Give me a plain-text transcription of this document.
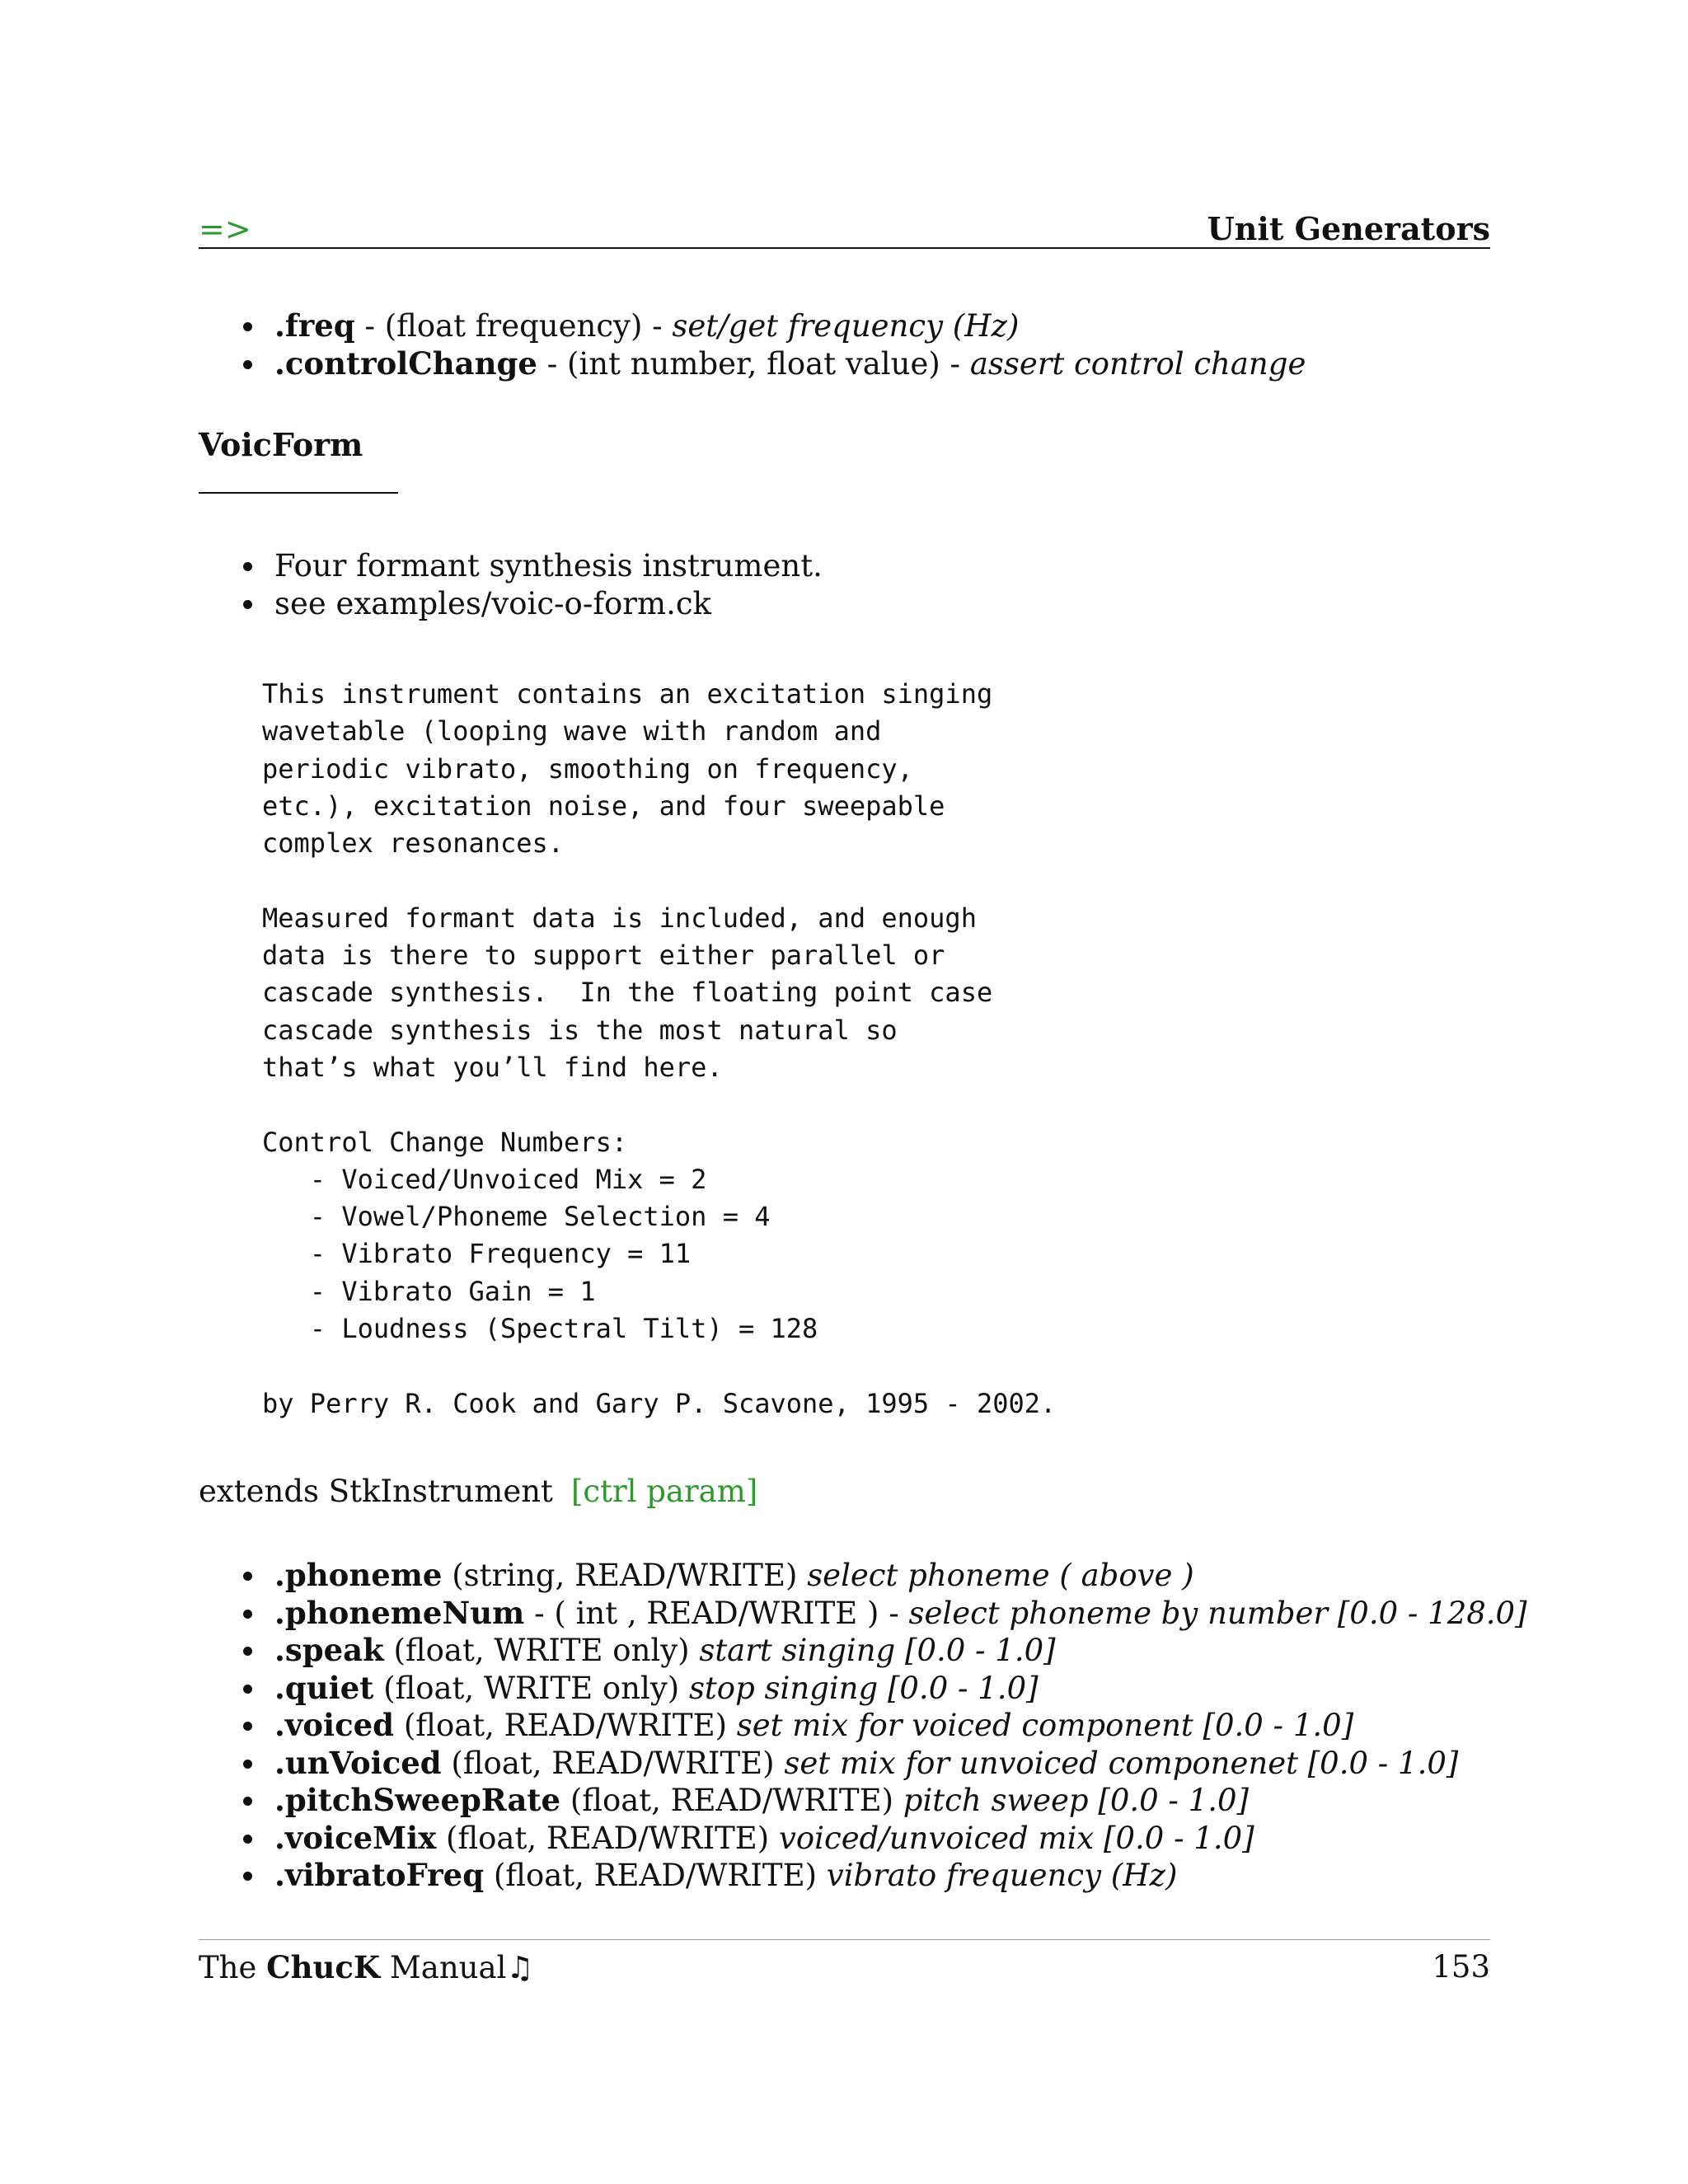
=>	Unit Generators
.freq - (float frequency) - set/get frequency (Hz)
.controlChange - (int number, float value) - assert control change
VoicForm
Four formant synthesis instrument.
see examples/voic-o-form.ck
This instrument contains an excitation singing
wavetable (looping wave with random and
periodic vibrato, smoothing on frequency,
etc.), excitation noise, and four sweepable
complex resonances.

Measured formant data is included, and enough
data is there to support either parallel or
cascade synthesis.  In the floating point case
cascade synthesis is the most natural so
that’s what you’ll find here.

Control Change Numbers:
- Voiced/Unvoiced Mix = 2
- Vowel/Phoneme Selection = 4
- Vibrato Frequency = 11
- Vibrato Gain = 1
- Loudness (Spectral Tilt) = 128

by Perry R. Cook and Gary P. Scavone, 1995 - 2002.
extends StkInstrument [ctrl param]
.phoneme (string, READ/WRITE) select phoneme ( above )
.phonemeNum - ( int , READ/WRITE ) - select phoneme by number [0.0 - 128.0]
.speak (float, WRITE only) start singing [0.0 - 1.0]
.quiet (float, WRITE only) stop singing [0.0 - 1.0]
.voiced (float, READ/WRITE) set mix for voiced component [0.0 - 1.0]
.unVoiced (float, READ/WRITE) set mix for unvoiced componenet [0.0 - 1.0]
.pitchSweepRate (float, READ/WRITE) pitch sweep [0.0 - 1.0]
.voiceMix (float, READ/WRITE) voiced/unvoiced mix [0.0 - 1.0]
.vibratoFreq (float, READ/WRITE) vibrato frequency (Hz)
The ChucK Manual♫	153
